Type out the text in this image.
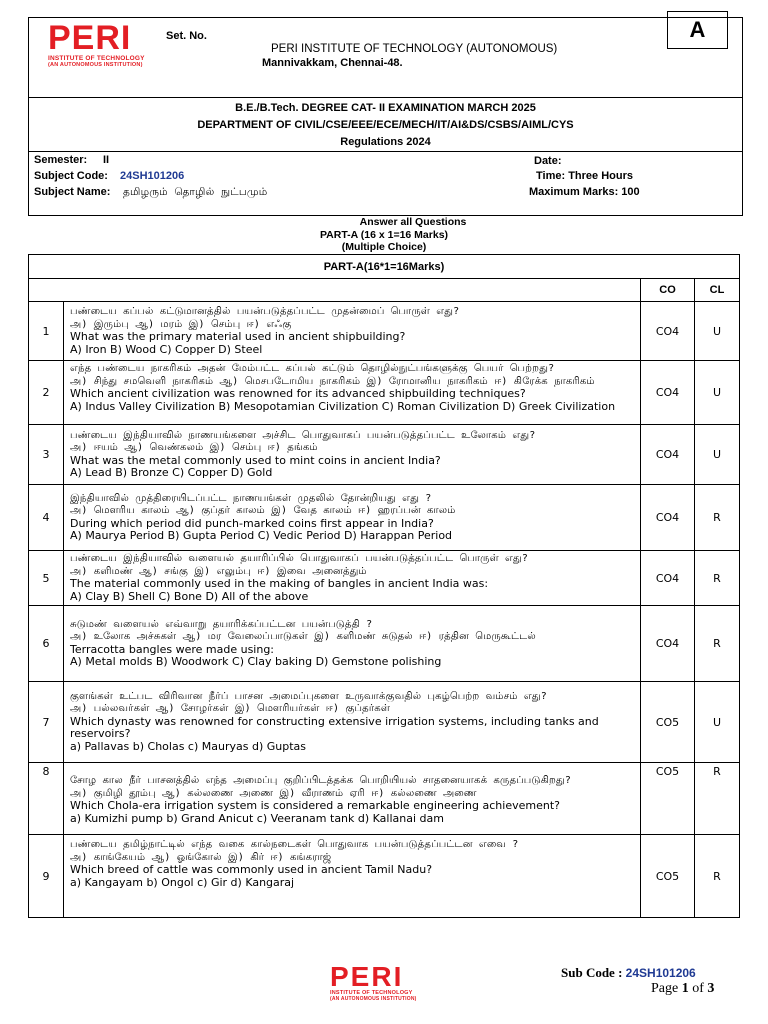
PERI
INSTITUTE OF TECHNOLOGY
(AN AUTONOMOUS INSTITUTION)
Set. No.	A
PERI INSTITUTE OF TECHNOLOGY (AUTONOMOUS)
Mannivakkam, Chennai-48.
B.E./B.Tech. DEGREE CAT- II EXAMINATION MARCH 2025
DEPARTMENT OF CIVIL/CSE/EEE/ECE/MECH/IT/AI&DS/CSBS/AIML/CYS
Regulations 2024
Semester: II
Subject Code: 24SH101206
Subject Name: தமிழரும் தொழில் நுட்பமும்
Date:
Time: Three Hours
Maximum Marks: 100
Answer all Questions
PART-A (16 x 1=16 Marks)
(Multiple Choice)
PART-A(16*1=16Marks)			
		CO	CL
1	பண்டைய கப்பல் கட்டுமானத்தில் பயன்படுத்தப்பட்ட முதன்மைப் பொருள் எது?
அ) இரும்பு ஆ) மரம் இ) செம்பு ஈ) எஃகு
What was the primary material used in ancient shipbuilding?
A) Iron B) Wood C) Copper D) Steel	CO4	U
2	எந்த பண்டைய நாகரிகம் அதன் மேம்பட்ட கப்பல் கட்டும் தொழில்நுட்பங்களுக்கு பெயர் பெற்றது?
அ) சிந்து சமவெளி நாகரிகம் ஆ) மெசபடோமிய நாகரிகம் இ) ரோமானிய நாகரிகம் ஈ) கிரேக்க நாகரிகம்
Which ancient civilization was renowned for its advanced shipbuilding techniques?
A) Indus Valley Civilization B) Mesopotamian Civilization C) Roman Civilization D) Greek Civilization	CO4	U
3	பண்டைய இந்தியாவில் நாணயங்களை அச்சிட பொதுவாகப் பயன்படுத்தப்பட்ட உலோகம் எது?
அ) ஈயம் ஆ) வெண்கலம் இ) செம்பு ஈ) தங்கம்
What was the metal commonly used to mint coins in ancient India?
A) Lead B) Bronze C) Copper D) Gold	CO4	U
4	இந்தியாவில் முத்திரையிடப்பட்ட நாணயங்கள் முதலில் தோன்றியது எது ?
அ) மௌரிய காலம் ஆ) குப்தர் காலம் இ) வேத காலம் ஈ) ஹரப்பன் காலம்
During which period did punch-marked coins first appear in India?
A) Maurya Period B) Gupta Period C) Vedic Period D) Harappan Period	CO4	R
5	பண்டைய இந்தியாவில் வளையல் தயாரிப்பில் பொதுவாகப் பயன்படுத்தப்பட்ட பொருள் எது?
அ) களிமண் ஆ) சங்கு இ) எலும்பு ஈ) இவை அனைத்தும்
The material commonly used in the making of bangles in ancient India was:
A) Clay B) Shell C) Bone D) All of the above	CO4	R
6	சுடுமண் வளையல் எவ்வாறு தயாரிக்கப்பட்டன பயன்படுத்தி ?
அ) உலோக அச்சுகள் ஆ) மர வேலைப்பாடுகள் இ) களிமண் சுடுதல் ஈ) ரத்தின மெருகூட்டல்
Terracotta bangles were made using:
A) Metal molds B) Woodwork C) Clay baking D) Gemstone polishing	CO4	R
7	குளங்கள் உட்பட விரிவான நீர்ப் பாசன அமைப்புகளை உருவாக்குவதில் புகழ்பெற்ற வம்சம் எது?
அ) பல்லவர்கள் ஆ) சோழர்கள் இ) மௌரியர்கள் ஈ) குப்தர்கள்
Which dynasty was renowned for constructing extensive irrigation systems, including tanks and reservoirs?
a) Pallavas b) Cholas c) Mauryas d) Guptas	CO5	U
8	சோழ கால நீர் பாசனத்தில் எந்த அமைப்பு குறிப்பிடத்தக்க பொறியியல் சாதனையாகக் கருதப்படுகிறது?
அ) குமிழி தூம்பு ஆ) கல்லணை அணை இ) வீராணம் ஏரி ஈ) கல்லணை அணை
Which Chola-era irrigation system is considered a remarkable engineering achievement?
a) Kumizhi pump b) Grand Anicut c) Veeranam tank d) Kallanai dam	CO5	R
9	பண்டைய தமிழ்நாட்டில் எந்த வகை கால்நடைகள் பொதுவாக பயன்படுத்தப்பட்டன எவை ?
அ) காங்கேயம் ஆ) ஓங்கோல் இ) கிர் ஈ) கங்கராஜ்
Which breed of cattle was commonly used in ancient Tamil Nadu?
a) Kangayam b) Ongol c) Gir d) Kangaraj	CO5	R
PERI
INSTITUTE OF TECHNOLOGY
(AN AUTONOMOUS INSTITUTION)
Sub Code : 24SH101206
Page 1 of 3
